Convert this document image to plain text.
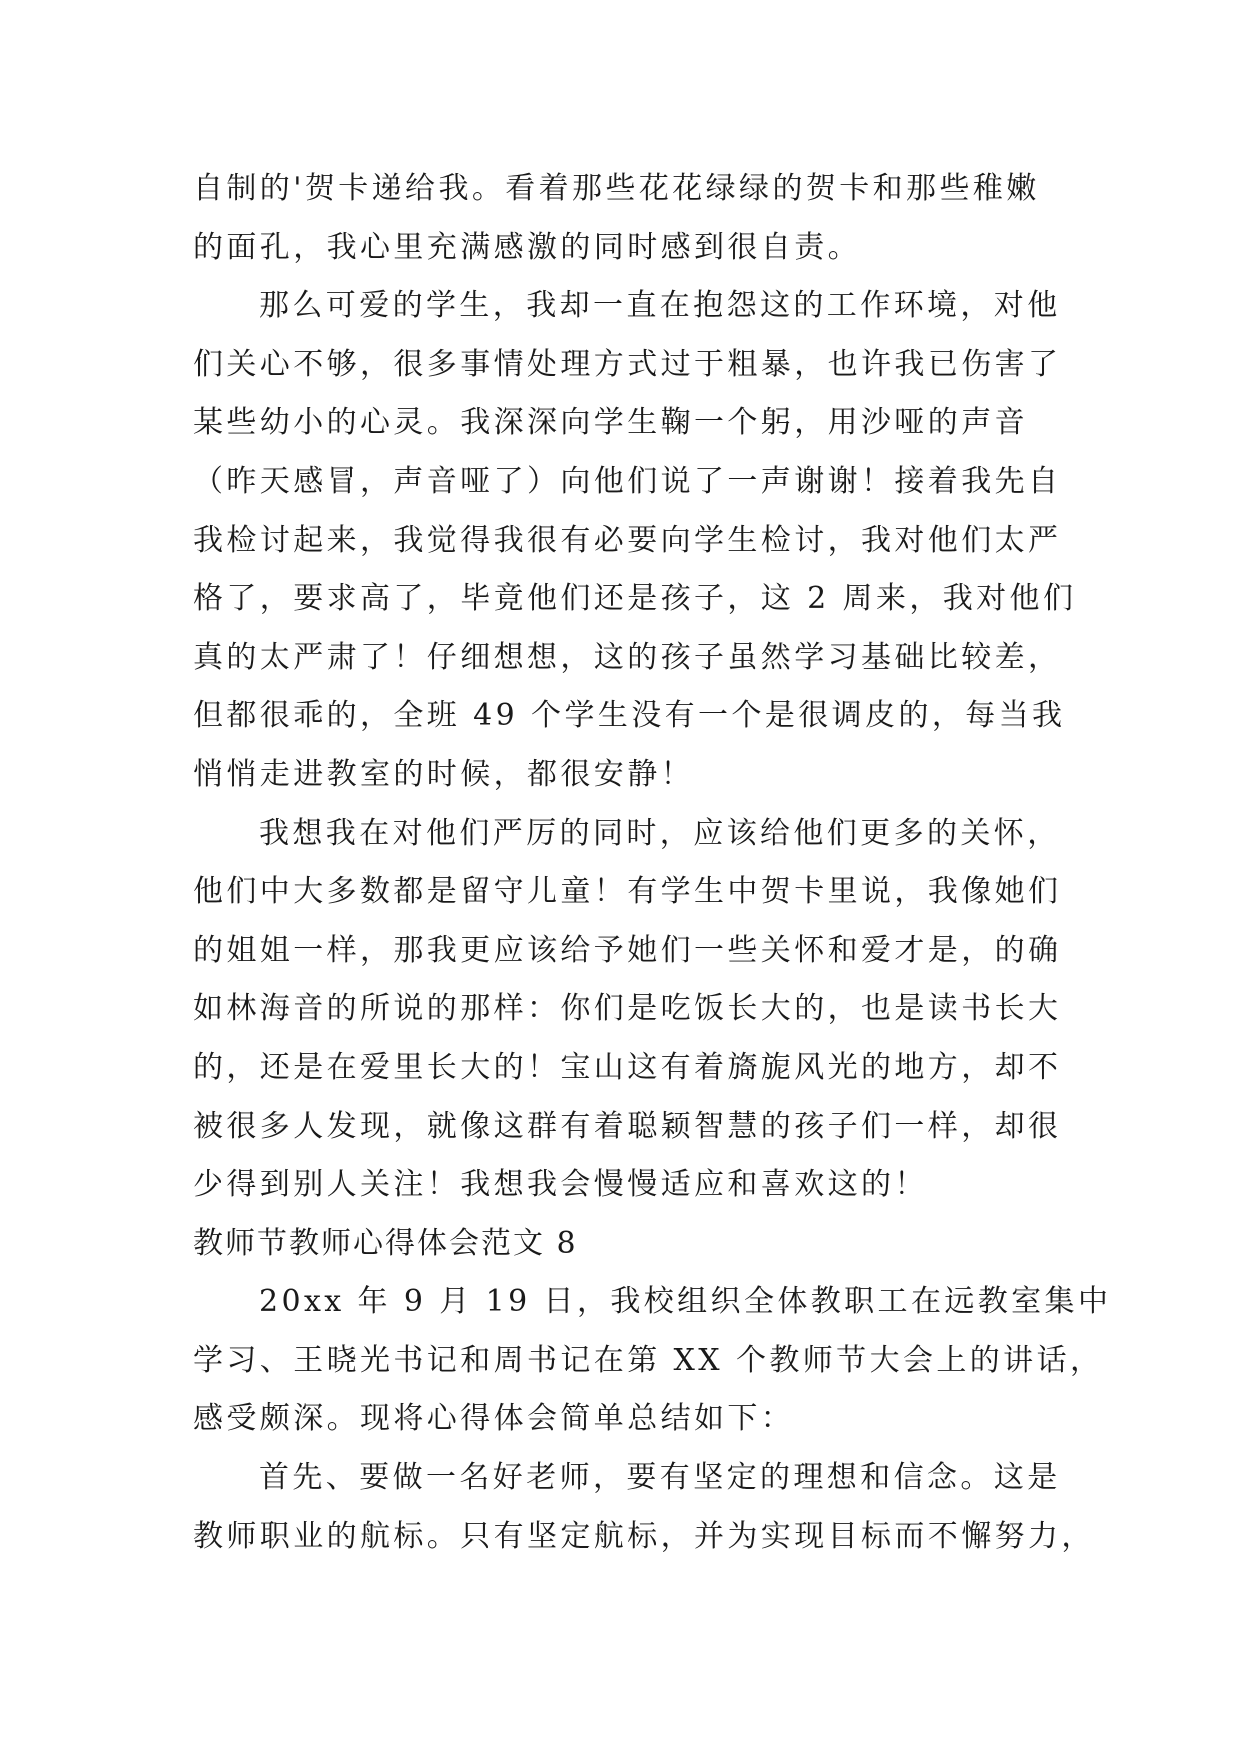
自制的'贺卡递给我。看着那些花花绿绿的贺卡和那些稚嫩
的面孔，我心里充满感激的同时感到很自责。
那么可爱的学生，我却一直在抱怨这的工作环境，对他
们关心不够，很多事情处理方式过于粗暴，也许我已伤害了
某些幼小的心灵。我深深向学生鞠一个躬，用沙哑的声音
（昨天感冒，声音哑了）向他们说了一声谢谢！接着我先自
我检讨起来，我觉得我很有必要向学生检讨，我对他们太严
格了，要求高了，毕竟他们还是孩子，这 2 周来，我对他们
真的太严肃了！仔细想想，这的孩子虽然学习基础比较差，
但都很乖的，全班 49 个学生没有一个是很调皮的，每当我
悄悄走进教室的时候，都很安静！
我想我在对他们严厉的同时，应该给他们更多的关怀，
他们中大多数都是留守儿童！有学生中贺卡里说，我像她们
的姐姐一样，那我更应该给予她们一些关怀和爱才是，的确
如林海音的所说的那样：你们是吃饭长大的，也是读书长大
的，还是在爱里长大的！宝山这有着旖旎风光的地方，却不
被很多人发现，就像这群有着聪颖智慧的孩子们一样，却很
少得到别人关注！我想我会慢慢适应和喜欢这的！
教师节教师心得体会范文 8
20xx 年 9 月 19 日，我校组织全体教职工在远教室集中
学习、王晓光书记和周书记在第 XX 个教师节大会上的讲话，
感受颇深。现将心得体会简单总结如下：
首先、要做一名好老师，要有坚定的理想和信念。这是
教师职业的航标。只有坚定航标，并为实现目标而不懈努力，
